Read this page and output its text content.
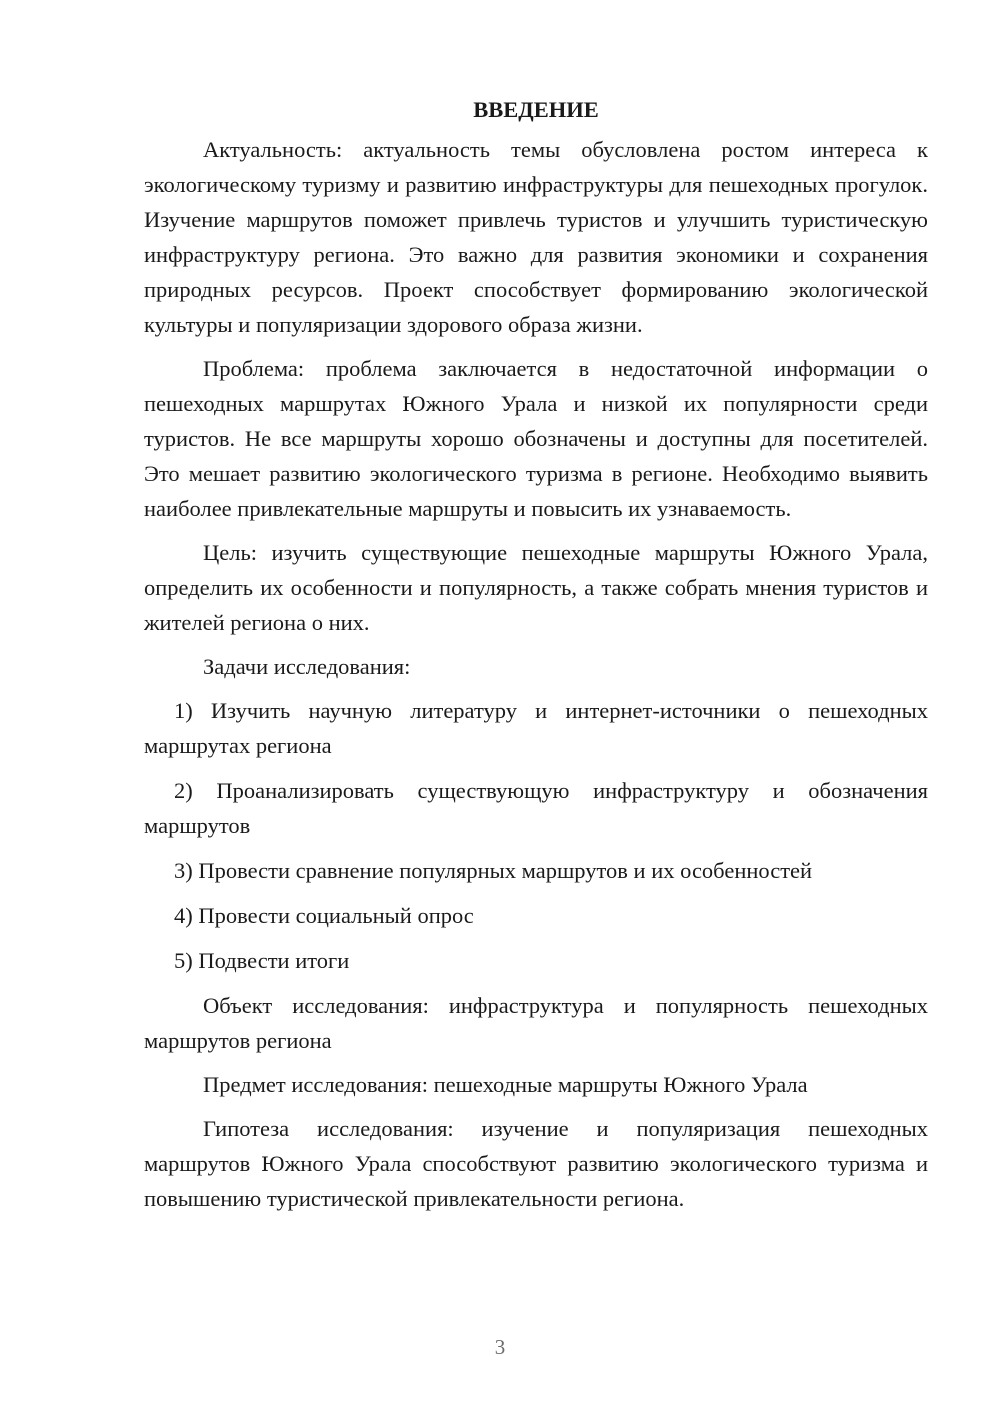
ВВЕДЕНИЕ

Актуальность: актуальность темы обусловлена ростом интереса к экологическому туризму и развитию инфраструктуры для пешеходных прогулок. Изучение маршрутов поможет привлечь туристов и улучшить туристическую инфраструктуру региона. Это важно для развития экономики и сохранения природных ресурсов. Проект способствует формированию экологической культуры и популяризации здорового образа жизни.

Проблема: проблема заключается в недостаточной информации о пешеходных маршрутах Южного Урала и низкой их популярности среди туристов. Не все маршруты хорошо обозначены и доступны для посетителей. Это мешает развитию экологического туризма в регионе. Необходимо выявить наиболее привлекательные маршруты и повысить их узнаваемость.

Цель: изучить существующие пешеходные маршруты Южного Урала, определить их особенности и популярность, а также собрать мнения туристов и жителей региона о них.

Задачи исследования:

1) Изучить научную литературу и интернет-источники о пешеходных маршрутах региона

2) Проанализировать существующую инфраструктуру и обозначения маршрутов

3) Провести сравнение популярных маршрутов и их особенностей

4) Провести социальный опрос

5) Подвести итоги

Объект исследования: инфраструктура и популярность пешеходных маршрутов региона

Предмет исследования: пешеходные маршруты Южного Урала

Гипотеза исследования: изучение и популяризация пешеходных маршрутов Южного Урала способствуют развитию экологического туризма и повышению туристической привлекательности региона.

3
